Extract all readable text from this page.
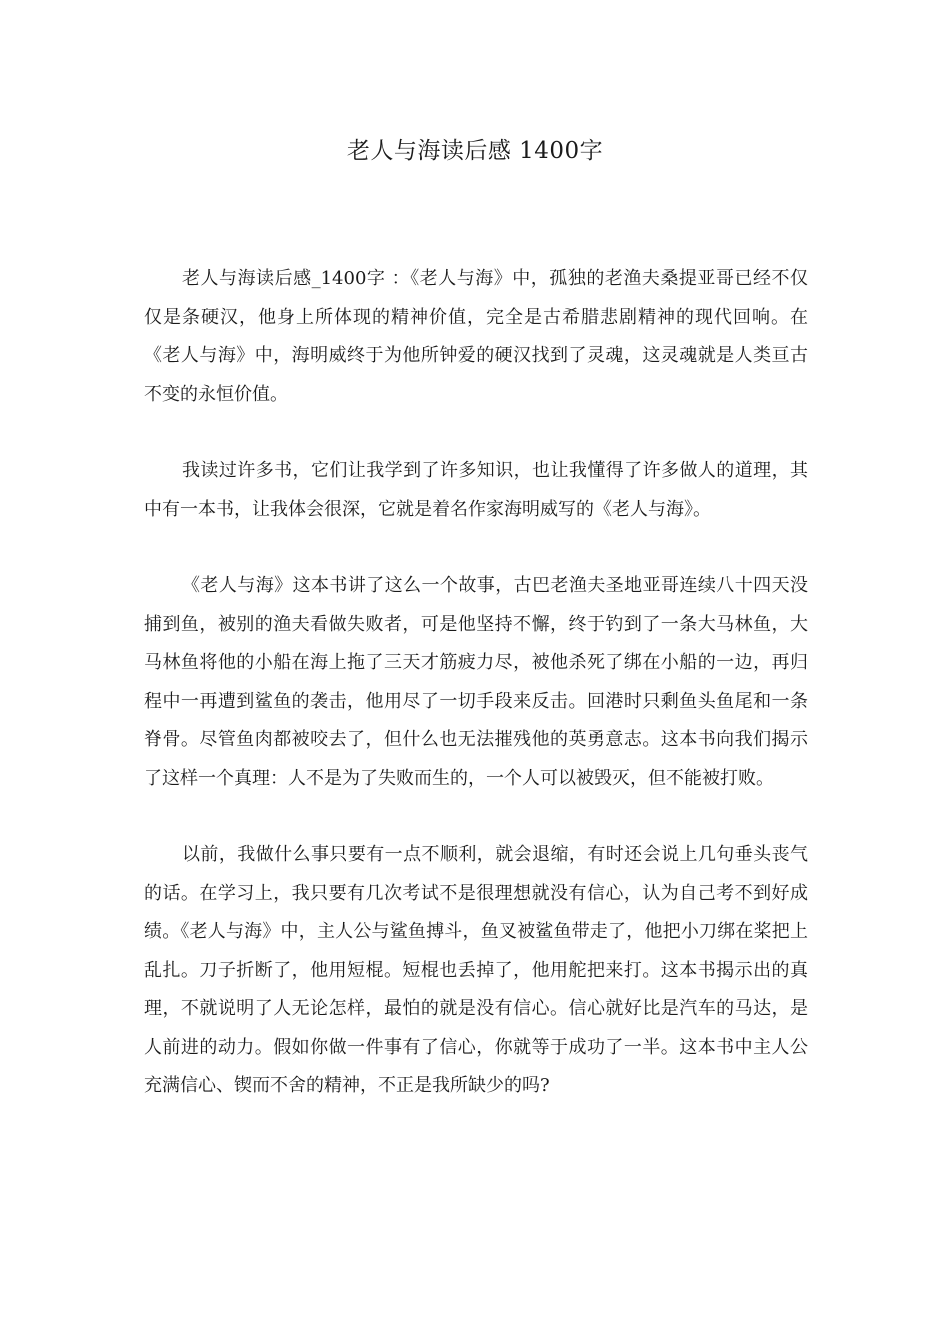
老人与海读后感 1400字

老人与海读后感_1400字 ：《老人与海》中，孤独的老渔夫桑提亚哥已经不仅仅是条硬汉，他身上所体现的精神价值，完全是古希腊悲剧精神的现代回响。在《老人与海》中，海明威终于为他所钟爱的硬汉找到了灵魂，这灵魂就是人类亘古不变的永恒价值。

我读过许多书，它们让我学到了许多知识，也让我懂得了许多做人的道理，其中有一本书，让我体会很深，它就是着名作家海明威写的《老人与海》。

《老人与海》这本书讲了这么一个故事，古巴老渔夫圣地亚哥连续八十四天没捕到鱼，被别的渔夫看做失败者，可是他坚持不懈，终于钓到了一条大马林鱼，大马林鱼将他的小船在海上拖了三天才筋疲力尽，被他杀死了绑在小船的一边，再归程中一再遭到鲨鱼的袭击，他用尽了一切手段来反击。回港时只剩鱼头鱼尾和一条脊骨。尽管鱼肉都被咬去了，但什么也无法摧残他的英勇意志。这本书向我们揭示了这样一个真理：人不是为了失败而生的，一个人可以被毁灭，但不能被打败。

以前，我做什么事只要有一点不顺利，就会退缩，有时还会说上几句垂头丧气的话。在学习上，我只要有几次考试不是很理想就没有信心，认为自己考不到好成绩。《老人与海》中，主人公与鲨鱼搏斗，鱼叉被鲨鱼带走了，他把小刀绑在桨把上乱扎。刀子折断了，他用短棍。短棍也丢掉了，他用舵把来打。这本书揭示出的真理，不就说明了人无论怎样，最怕的就是没有信心。信心就好比是汽车的马达，是人前进的动力。假如你做一件事有了信心，你就等于成功了一半。这本书中主人公充满信心、锲而不舍的精神，不正是我所缺少的吗?
